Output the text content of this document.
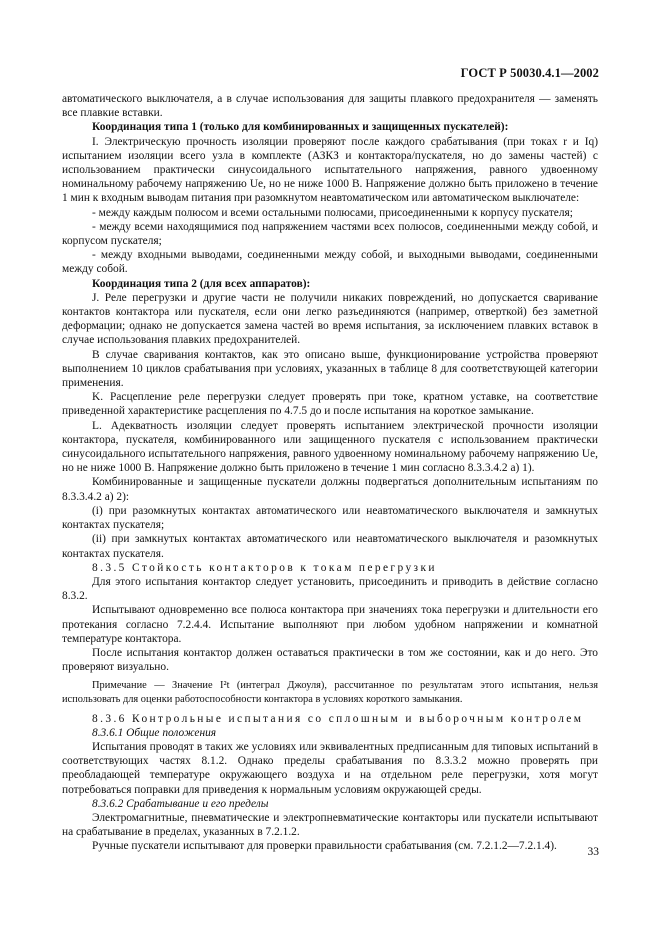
ГОСТ Р 50030.4.1—2002

автоматического выключателя, а в случае использования для защиты плавкого предохранителя — заменять все плавкие вставки.

Координация типа 1 (только для комбинированных и защищенных пускателей):

I. Электрическую прочность изоляции проверяют после каждого срабатывания (при токах r и Iq) испытанием изоляции всего узла в комплекте (АЗКЗ и контактора/пускателя, но до замены частей) с использованием практически синусоидального испытательного напряжения, равного удвоенному номинальному рабочему напряжению Ue, но не ниже 1000 В. Напряжение должно быть приложено в течение 1 мин к входным выводам питания при разомкнутом неавтоматическом или автоматическом выключателе:

- между каждым полюсом и всеми остальными полюсами, присоединенными к корпусу пускателя;

- между всеми находящимися под напряжением частями всех полюсов, соединенными между собой, и корпусом пускателя;

- между входными выводами, соединенными между собой, и выходными выводами, соединенными между собой.

Координация типа 2 (для всех аппаратов):

J. Реле перегрузки и другие части не получили никаких повреждений, но допускается сваривание контактов контактора или пускателя, если они легко разъединяются (например, отверткой) без заметной деформации; однако не допускается замена частей во время испытания, за исключением плавких вставок в случае использования плавких предохранителей.

В случае сваривания контактов, как это описано выше, функционирование устройства проверяют выполнением 10 циклов срабатывания при условиях, указанных в таблице 8 для соответствующей категории применения.

K. Расцепление реле перегрузки следует проверять при токе, кратном уставке, на соответствие приведенной характеристике расцепления по 4.7.5 до и после испытания на короткое замыкание.

L. Адекватность изоляции следует проверять испытанием электрической прочности изоляции контактора, пускателя, комбинированного или защищенного пускателя с использованием практически синусоидального испытательного напряжения, равного удвоенному номинальному рабочему напряжению Ue, но не ниже 1000 В. Напряжение должно быть приложено в течение 1 мин согласно 8.3.3.4.2 а) 1).

Комбинированные и защищенные пускатели должны подвергаться дополнительным испытаниям по 8.3.3.4.2 а) 2):

(i) при разомкнутых контактах автоматического или неавтоматического выключателя и замкнутых контактах пускателя;

(ii) при замкнутых контактах автоматического или неавтоматического выключателя и разомкнутых контактах пускателя.

8.3.5 Стойкость контакторов к токам перегрузки

Для этого испытания контактор следует установить, присоединить и приводить в действие согласно 8.3.2.

Испытывают одновременно все полюса контактора при значениях тока перегрузки и длительности его протекания согласно 7.2.4.4. Испытание выполняют при любом удобном напряжении и комнатной температуре контактора.

После испытания контактор должен оставаться практически в том же состоянии, как и до него. Это проверяют визуально.

Примечание — Значение I²t (интеграл Джоуля), рассчитанное по результатам этого испытания, нельзя использовать для оценки работоспособности контактора в условиях короткого замыкания.

8.3.6 Контрольные испытания со сплошным и выборочным контролем

8.3.6.1 Общие положения

Испытания проводят в таких же условиях или эквивалентных предписанным для типовых испытаний в соответствующих частях 8.1.2. Однако пределы срабатывания по 8.3.3.2 можно проверять при преобладающей температуре окружающего воздуха и на отдельном реле перегрузки, хотя могут потребоваться поправки для приведения к нормальным условиям окружающей среды.

8.3.6.2 Срабатывание и его пределы

Электромагнитные, пневматические и электропневматические контакторы или пускатели испытывают на срабатывание в пределах, указанных в 7.2.1.2.

Ручные пускатели испытывают для проверки правильности срабатывания (см. 7.2.1.2—7.2.1.4).	33
